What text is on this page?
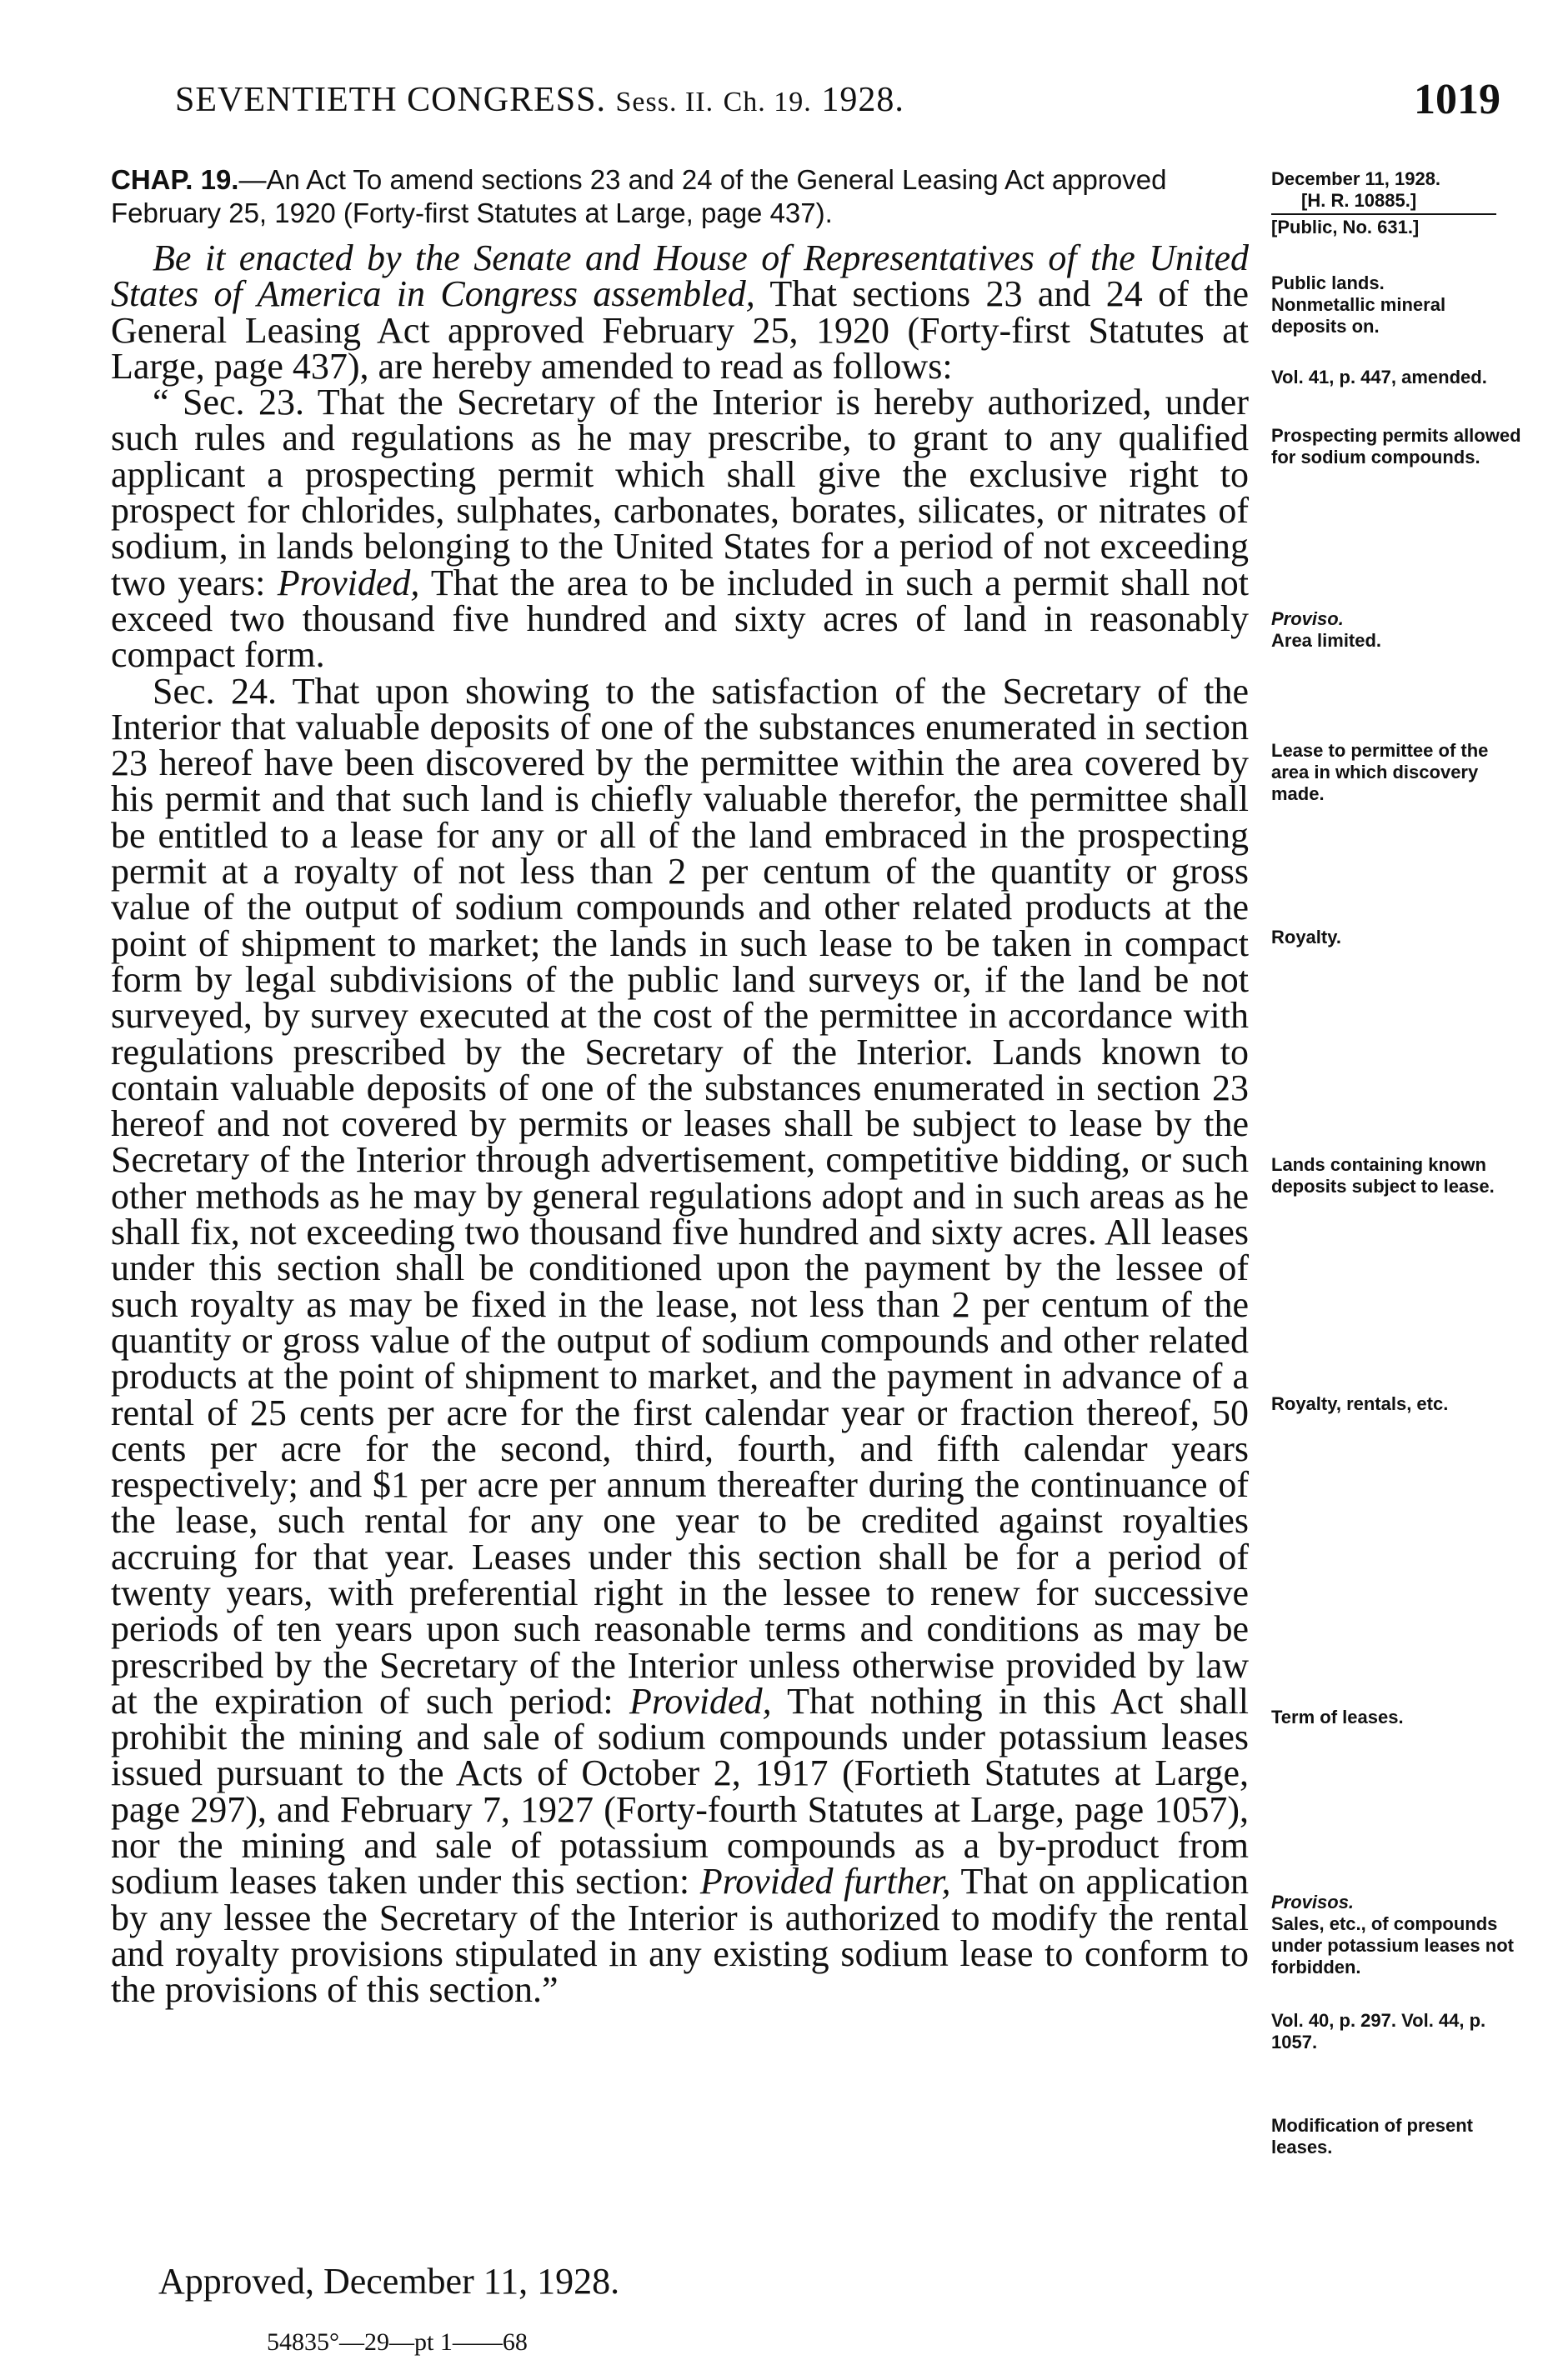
SEVENTIETH CONGRESS. Sess. II. Ch. 19. 1928.	1019
CHAP. 19.—An Act To amend sections 23 and 24 of the General Leasing Act approved February 25, 1920 (Forty-first Statutes at Large, page 437).

Be it enacted by the Senate and House of Representatives of the United States of America in Congress assembled, That sections 23 and 24 of the General Leasing Act approved February 25, 1920 (Forty-first Statutes at Large, page 437), are hereby amended to read as follows:

“ Sec. 23. That the Secretary of the Interior is hereby authorized, under such rules and regulations as he may prescribe, to grant to any qualified applicant a prospecting permit which shall give the exclusive right to prospect for chlorides, sulphates, carbonates, borates, silicates, or nitrates of sodium, in lands belonging to the United States for a period of not exceeding two years: Provided, That the area to be included in such a permit shall not exceed two thousand five hundred and sixty acres of land in reasonably compact form.

Sec. 24. That upon showing to the satisfaction of the Secretary of the Interior that valuable deposits of one of the substances enumerated in section 23 hereof have been discovered by the permittee within the area covered by his permit and that such land is chiefly valuable therefor, the permittee shall be entitled to a lease for any or all of the land embraced in the prospecting permit at a royalty of not less than 2 per centum of the quantity or gross value of the output of sodium compounds and other related products at the point of shipment to market; the lands in such lease to be taken in compact form by legal subdivisions of the public land surveys or, if the land be not surveyed, by survey executed at the cost of the permittee in accordance with regulations prescribed by the Secretary of the Interior. Lands known to contain valuable deposits of one of the substances enumerated in section 23 hereof and not covered by permits or leases shall be subject to lease by the Secretary of the Interior through advertisement, competitive bidding, or such other methods as he may by general regulations adopt and in such areas as he shall fix, not exceeding two thousand five hundred and sixty acres. All leases under this section shall be conditioned upon the payment by the lessee of such royalty as may be fixed in the lease, not less than 2 per centum of the quantity or gross value of the output of sodium compounds and other related products at the point of shipment to market, and the payment in advance of a rental of 25 cents per acre for the first calendar year or fraction thereof, 50 cents per acre for the second, third, fourth, and fifth calendar years respectively; and $1 per acre per annum thereafter during the continuance of the lease, such rental for any one year to be credited against royalties accruing for that year. Leases under this section shall be for a period of twenty years, with preferential right in the lessee to renew for successive periods of ten years upon such reasonable terms and conditions as may be prescribed by the Secretary of the Interior unless otherwise provided by law at the expiration of such period: Provided, That nothing in this Act shall prohibit the mining and sale of sodium compounds under potassium leases issued pursuant to the Acts of October 2, 1917 (Fortieth Statutes at Large, page 297), and February 7, 1927 (Forty-fourth Statutes at Large, page 1057), nor the mining and sale of potassium compounds as a by-product from sodium leases taken under this section: Provided further, That on application by any lessee the Secretary of the Interior is authorized to modify the rental and royalty provisions stipulated in any existing sodium lease to conform to the provisions of this section.”

Approved, December 11, 1928.
54835°—29—pt 1——68
December 11, 1928.
[H. R. 10885.]
[Public, No. 631.]
Public lands.
Nonmetallic mineral deposits on.
Vol. 41, p. 447, amended.
Prospecting permits allowed for sodium compounds.
Proviso.
Area limited.
Lease to permittee of the area in which discovery made.
Royalty.
Lands containing known deposits subject to lease.
Royalty, rentals, etc.
Term of leases.
Provisos.
Sales, etc., of compounds under potassium leases not forbidden.
Vol. 40, p. 297. Vol. 44, p. 1057.
Modification of present leases.
